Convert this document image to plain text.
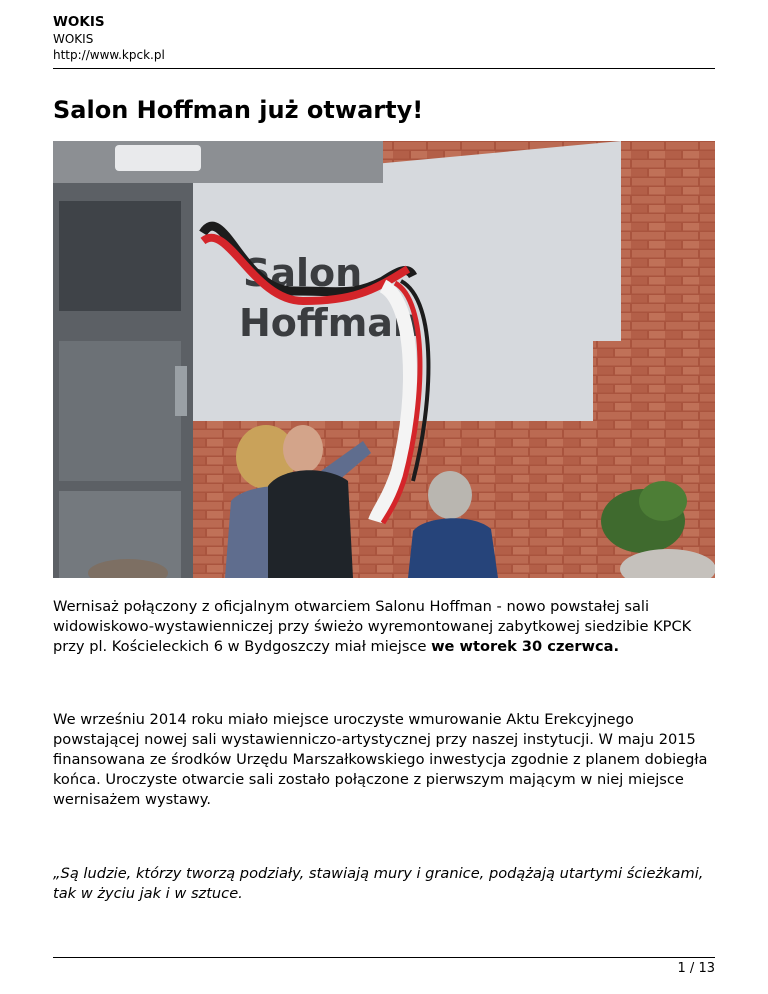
WOKIS
WOKIS
http://www.kpck.pl
Salon Hoffman już otwarty!
Salon
Hoffman

Wernisaż połączony z oficjalnym otwarciem Salonu Hoffman - nowo powstałej sali widowiskowo-wystawienniczej przy świeżo wyremontowanej zabytkowej siedzibie KPCK przy pl. Kościeleckich 6 w Bydgoszczy miał miejsce we wtorek 30 czerwca.

We wrześniu 2014 roku miało miejsce uroczyste wmurowanie Aktu Erekcyjnego powstającej nowej sali wystawienniczo-artystycznej przy naszej instytucji. W maju 2015 finansowana ze środków Urzędu Marszałkowskiego inwestycja zgodnie z planem dobiegła końca. Uroczyste otwarcie sali zostało połączone z pierwszym mającym w niej miejsce wernisażem wystawy.

„Są ludzie, którzy tworzą podziały, stawiają mury i granice, podążają utartymi ścieżkami, tak w życiu jak i w sztuce.

1 / 13
